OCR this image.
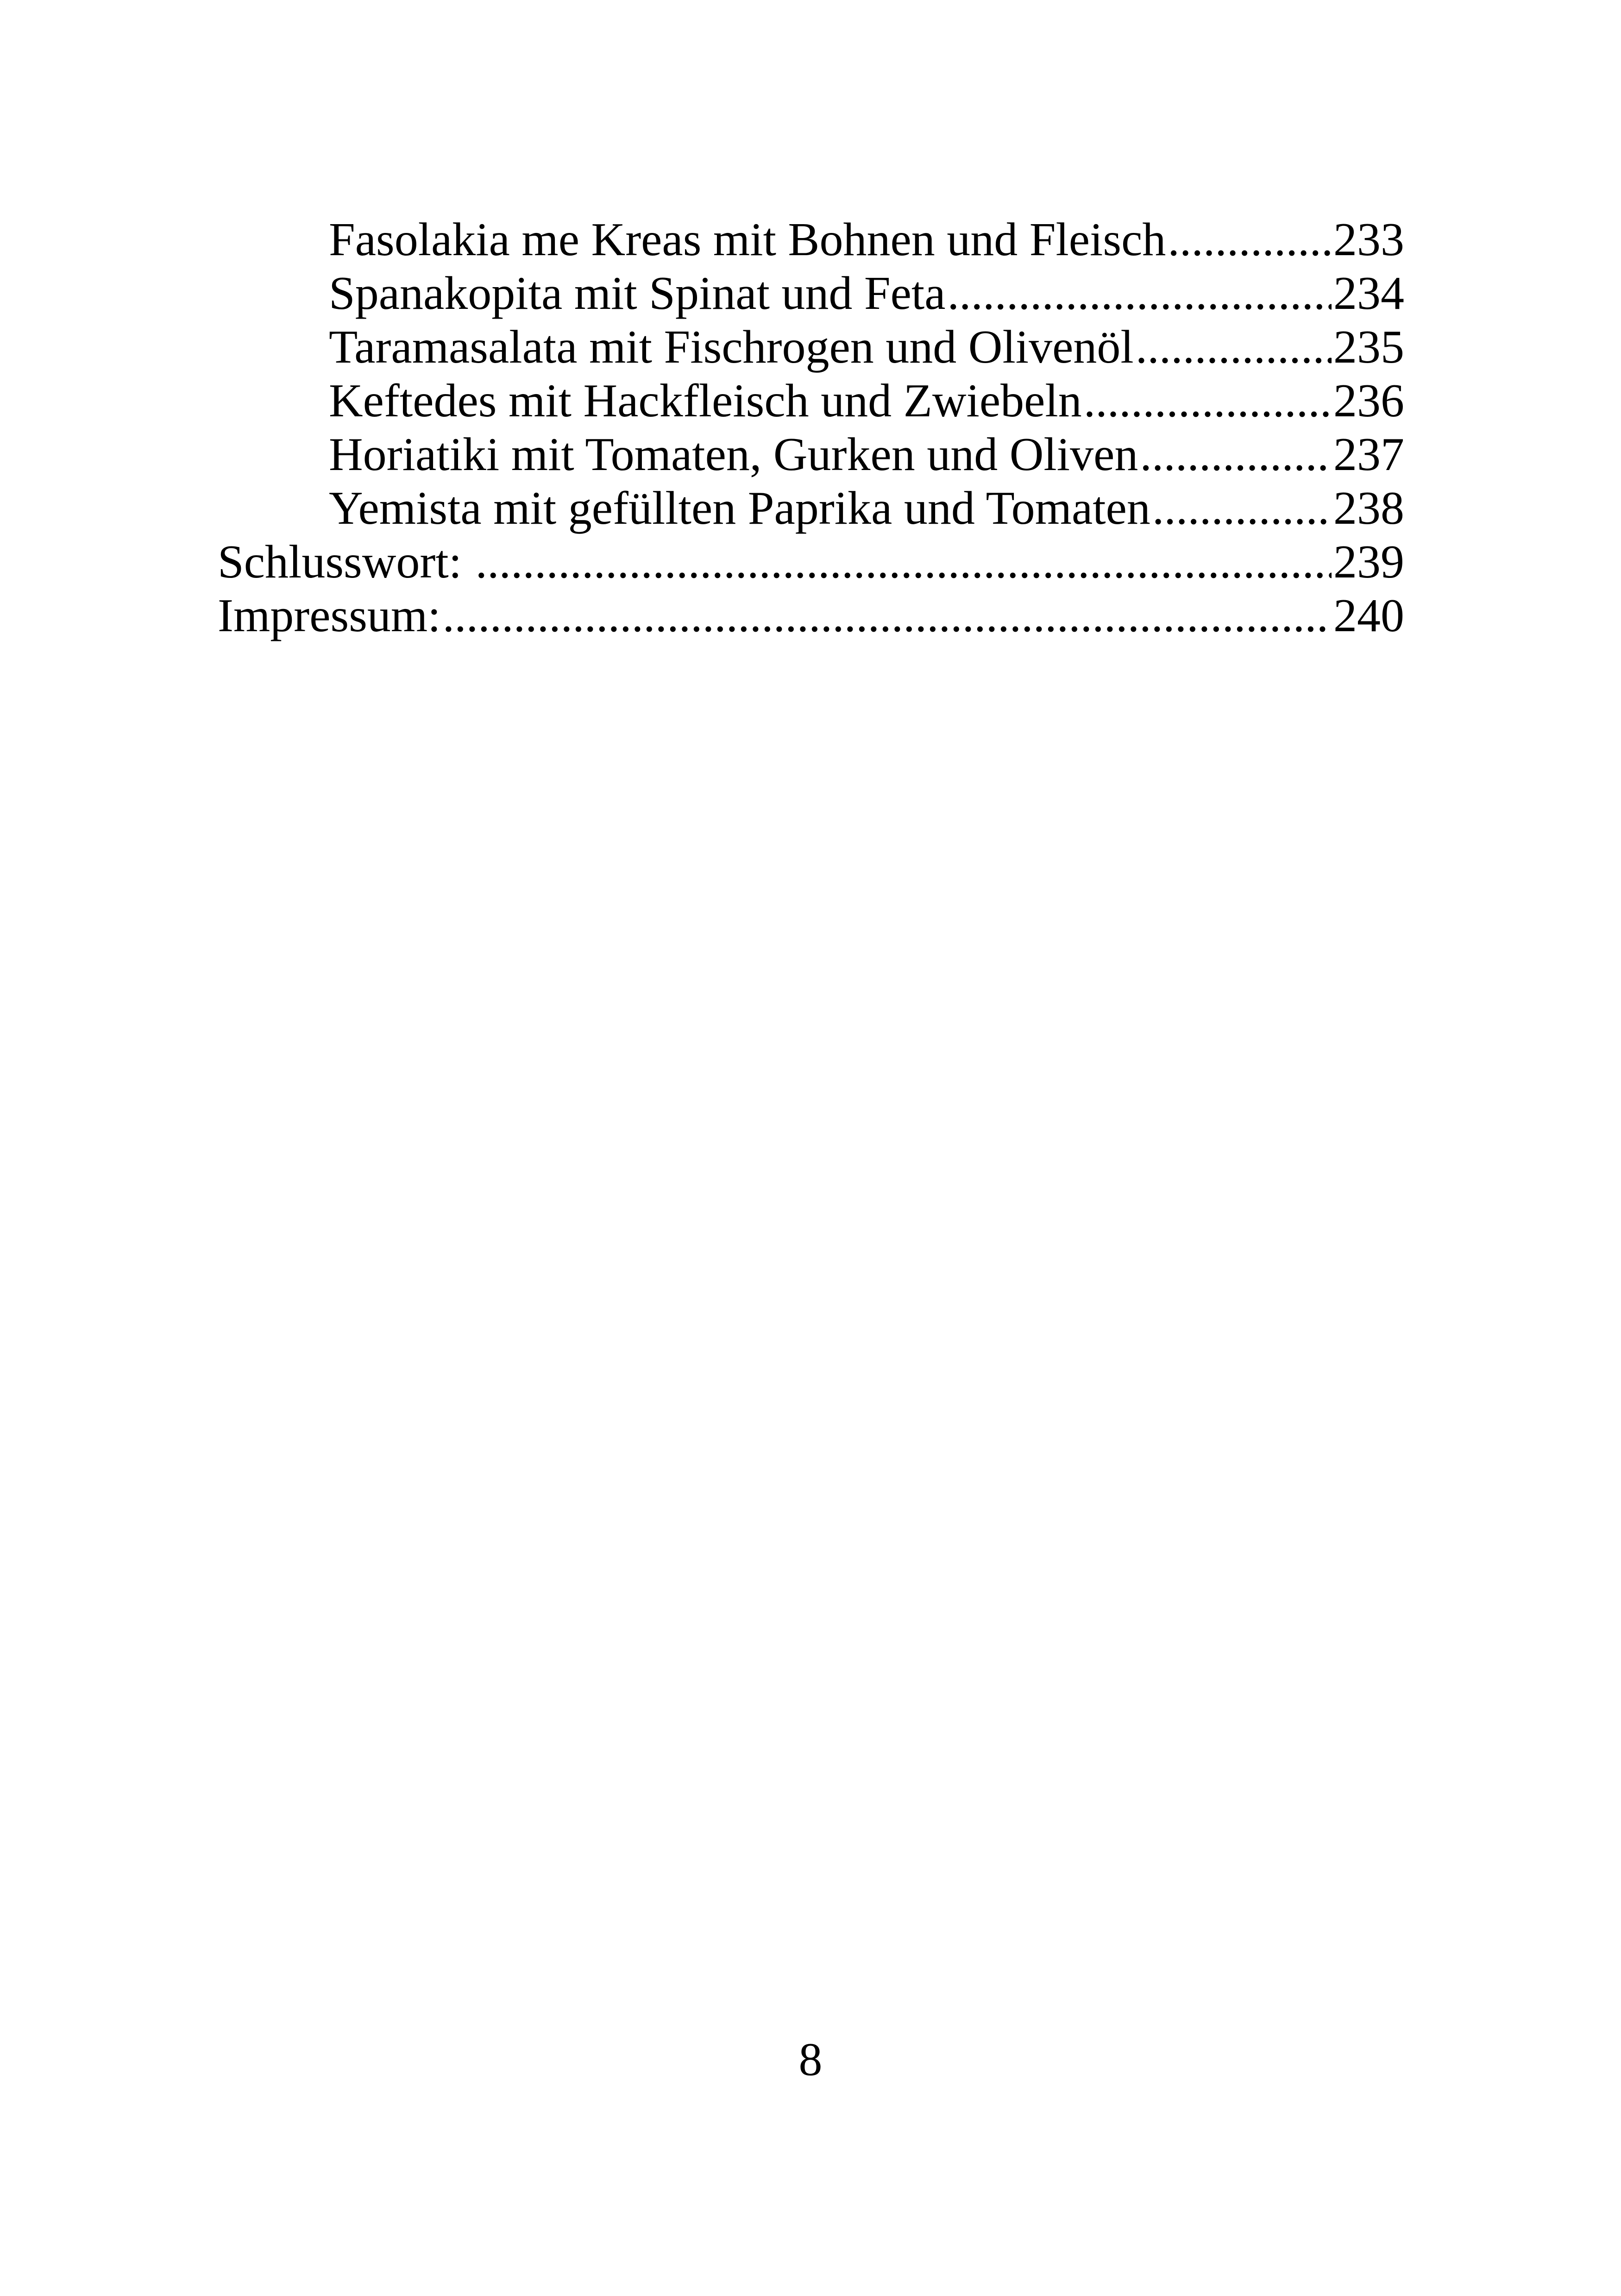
Fasolakia me Kreas mit Bohnen und Fleisch .....	233
Spanakopita mit Spinat und Feta .....	234
Taramasalata mit Fischrogen und Olivenöl .....	235
Keftedes mit Hackfleisch und Zwiebeln .....	236
Horiatiki mit Tomaten, Gurken und Oliven .....	237
Yemista mit gefüllten Paprika und Tomaten .....	238
Schlusswort: .....	239
Impressum: .....	240
8
